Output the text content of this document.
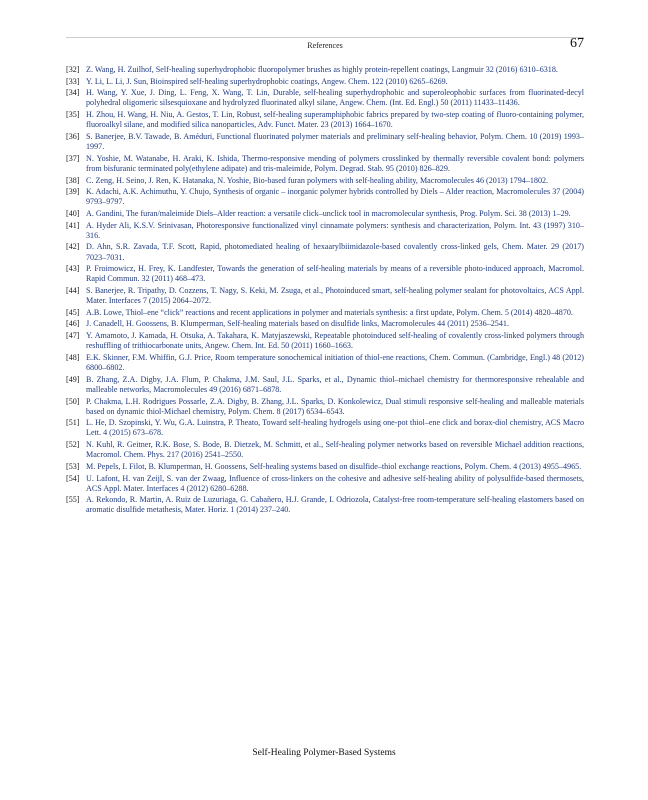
References	67
[32] Z. Wang, H. Zuilhof, Self-healing superhydrophobic fluoropolymer brushes as highly protein-repellent coatings, Langmuir 32 (2016) 6310–6318.
[33] Y. Li, L. Li, J. Sun, Bioinspired self-healing superhydrophobic coatings, Angew. Chem. 122 (2010) 6265–6269.
[34] H. Wang, Y. Xue, J. Ding, L. Feng, X. Wang, T. Lin, Durable, self-healing superhydrophobic and superoleophobic surfaces from fluorinated-decyl polyhedral oligomeric silsesquioxane and hydrolyzed fluorinated alkyl silane, Angew. Chem. (Int. Ed. Engl.) 50 (2011) 11433–11436.
[35] H. Zhou, H. Wang, H. Niu, A. Gestos, T. Lin, Robust, self-healing superamphiphobic fabrics prepared by two-step coating of fluoro-containing polymer, fluoroalkyl silane, and modified silica nanoparticles, Adv. Funct. Mater. 23 (2013) 1664–1670.
[36] S. Banerjee, B.V. Tawade, B. Améduri, Functional fluorinated polymer materials and preliminary self-healing behavior, Polym. Chem. 10 (2019) 1993–1997.
[37] N. Yoshie, M. Watanabe, H. Araki, K. Ishida, Thermo-responsive mending of polymers crosslinked by thermally reversible covalent bond: polymers from bisfuranic terminated poly(ethylene adipate) and tris-maleimide, Polym. Degrad. Stab. 95 (2010) 826–829.
[38] C. Zeng, H. Seino, J. Ren, K. Hatanaka, N. Yoshie, Bio-based furan polymers with self-healing ability, Macromolecules 46 (2013) 1794–1802.
[39] K. Adachi, A.K. Achimuthu, Y. Chujo, Synthesis of organic – inorganic polymer hybrids controlled by Diels – Alder reaction, Macromolecules 37 (2004) 9793–9797.
[40] A. Gandini, The furan/maleimide Diels–Alder reaction: a versatile click–unclick tool in macromolecular synthesis, Prog. Polym. Sci. 38 (2013) 1–29.
[41] A. Hyder Ali, K.S.V. Srinivasan, Photoresponsive functionalized vinyl cinnamate polymers: synthesis and characterization, Polym. Int. 43 (1997) 310–316.
[42] D. Ahn, S.R. Zavada, T.F. Scott, Rapid, photomediated healing of hexaarylbiimidazole-based covalently cross-linked gels, Chem. Mater. 29 (2017) 7023–7031.
[43] P. Froimowicz, H. Frey, K. Landfester, Towards the generation of self-healing materials by means of a reversible photo-induced approach, Macromol. Rapid Commun. 32 (2011) 468–473.
[44] S. Banerjee, R. Tripathy, D. Cozzens, T. Nagy, S. Keki, M. Zsuga, et al., Photoinduced smart, self-healing polymer sealant for photovoltaics, ACS Appl. Mater. Interfaces 7 (2015) 2064–2072.
[45] A.B. Lowe, Thiol–ene “click” reactions and recent applications in polymer and materials synthesis: a first update, Polym. Chem. 5 (2014) 4820–4870.
[46] J. Canadell, H. Goossens, B. Klumperman, Self-healing materials based on disulfide links, Macromolecules 44 (2011) 2536–2541.
[47] Y. Amamoto, J. Kamada, H. Otsuka, A. Takahara, K. Matyjaszewski, Repeatable photoinduced self-healing of covalently cross-linked polymers through reshuffling of trithiocarbonate units, Angew. Chem. Int. Ed. 50 (2011) 1660–1663.
[48] E.K. Skinner, F.M. Whiffin, G.J. Price, Room temperature sonochemical initiation of thiol-ene reactions, Chem. Commun. (Cambridge, Engl.) 48 (2012) 6800–6802.
[49] B. Zhang, Z.A. Digby, J.A. Flum, P. Chakma, J.M. Saul, J.L. Sparks, et al., Dynamic thiol–michael chemistry for thermoresponsive rehealable and malleable networks, Macromolecules 49 (2016) 6871–6878.
[50] P. Chakma, L.H. Rodrigues Possarle, Z.A. Digby, B. Zhang, J.L. Sparks, D. Konkolewicz, Dual stimuli responsive self-healing and malleable materials based on dynamic thiol-Michael chemistry, Polym. Chem. 8 (2017) 6534–6543.
[51] L. He, D. Szopinski, Y. Wu, G.A. Luinstra, P. Theato, Toward self-healing hydrogels using one-pot thiol–ene click and borax-diol chemistry, ACS Macro Lett. 4 (2015) 673–678.
[52] N. Kuhl, R. Geitner, R.K. Bose, S. Bode, B. Dietzek, M. Schmitt, et al., Self-healing polymer networks based on reversible Michael addition reactions, Macromol. Chem. Phys. 217 (2016) 2541–2550.
[53] M. Pepels, I. Filot, B. Klumperman, H. Goossens, Self-healing systems based on disulfide–thiol exchange reactions, Polym. Chem. 4 (2013) 4955–4965.
[54] U. Lafont, H. van Zeijl, S. van der Zwaag, Influence of cross-linkers on the cohesive and adhesive self-healing ability of polysulfide-based thermosets, ACS Appl. Mater. Interfaces 4 (2012) 6280–6288.
[55] A. Rekondo, R. Martin, A. Ruiz de Luzuriaga, G. Cabañero, H.J. Grande, I. Odriozola, Catalyst-free room-temperature self-healing elastomers based on aromatic disulfide metathesis, Mater. Horiz. 1 (2014) 237–240.
Self-Healing Polymer-Based Systems
